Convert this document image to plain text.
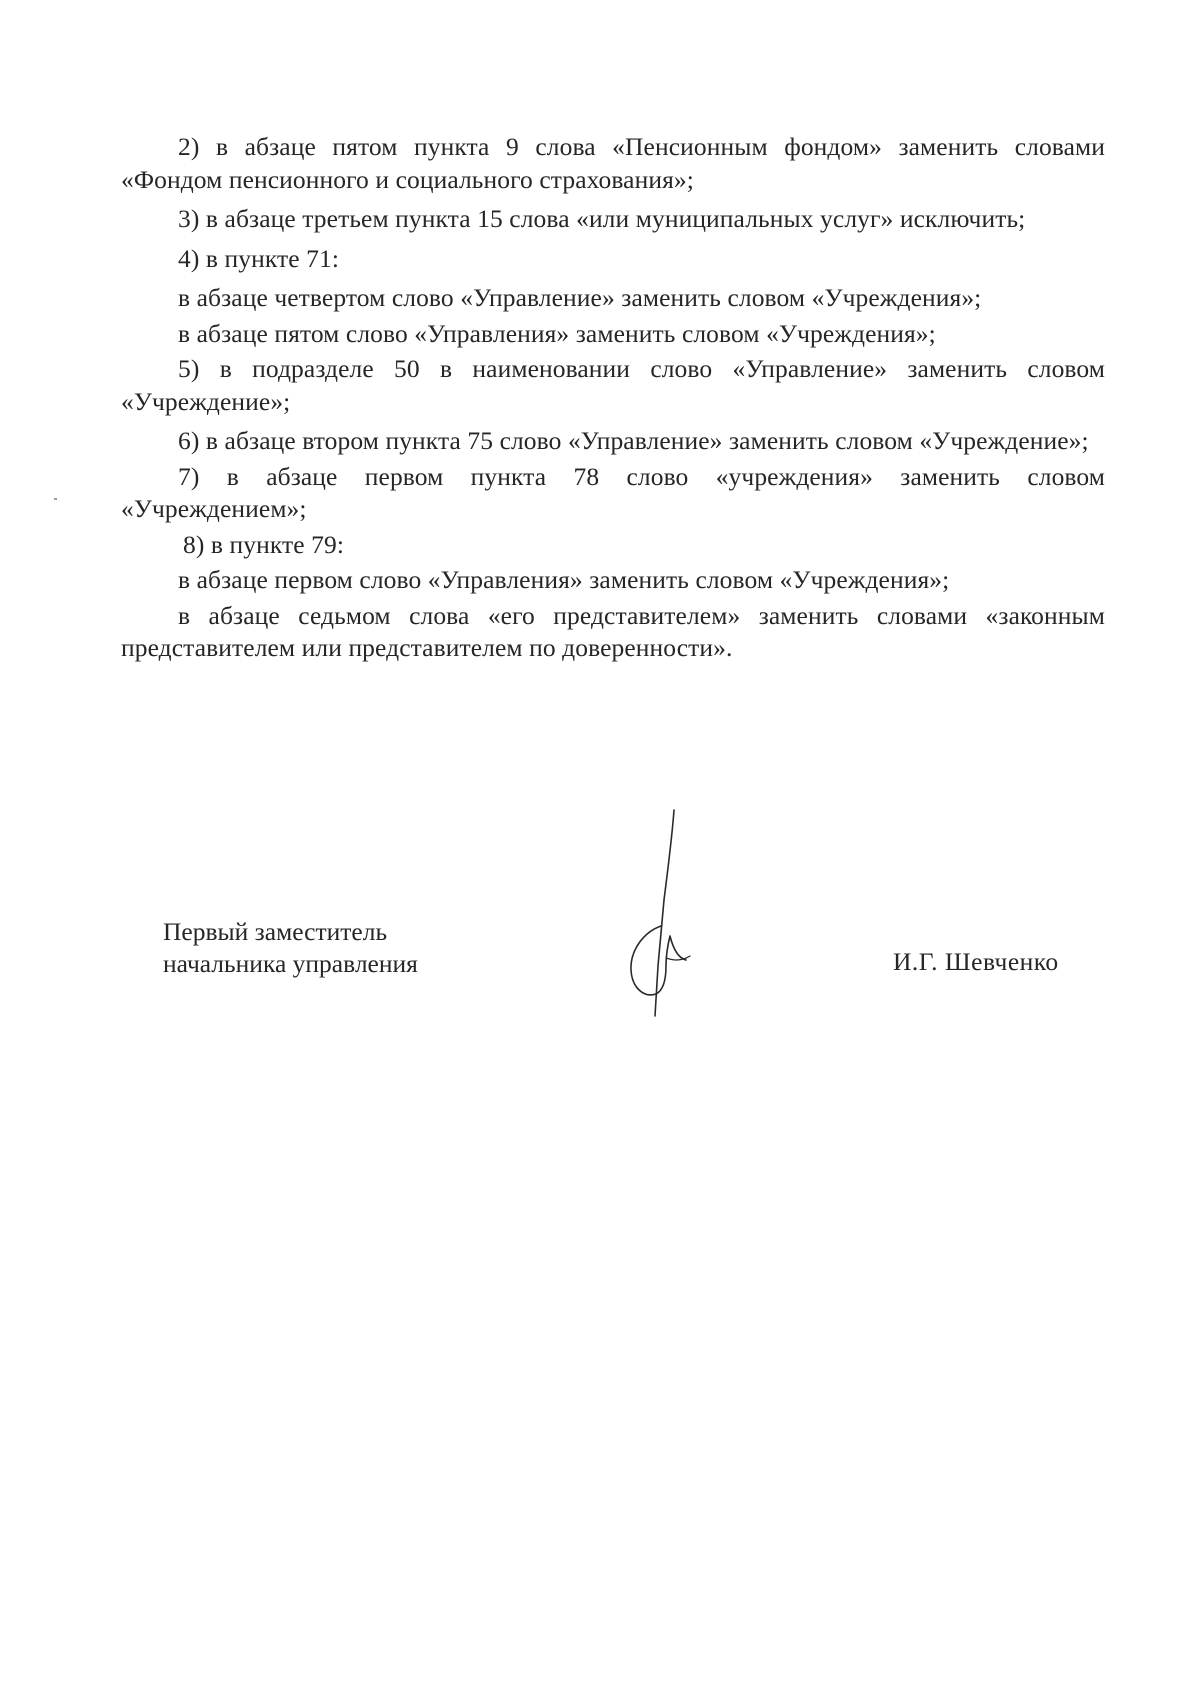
2) в абзаце пятом пункта 9 слова «Пенсионным фондом» заменить словами «Фондом пенсионного и социального страхования»;

3) в абзаце третьем пункта 15 слова «или муниципальных услуг» исключить;

4) в пункте 71:

в абзаце четвертом слово «Управление» заменить словом «Учреждения»;

в абзаце пятом слово «Управления» заменить словом «Учреждения»;

5) в подразделе 50 в наименовании слово «Управление» заменить словом «Учреждение»;

6) в абзаце втором пункта 75 слово «Управление» заменить словом «Учреждение»;

7) в абзаце первом пункта 78 слово «учреждения» заменить словом «Учреждением»;

8) в пункте 79:

в абзаце первом слово «Управления» заменить словом «Учреждения»;

в абзаце седьмом слова «его представителем» заменить словами «законным представителем или представителем по доверенности».

Первый заместитель
начальника управления	И.Г. Шевченко
